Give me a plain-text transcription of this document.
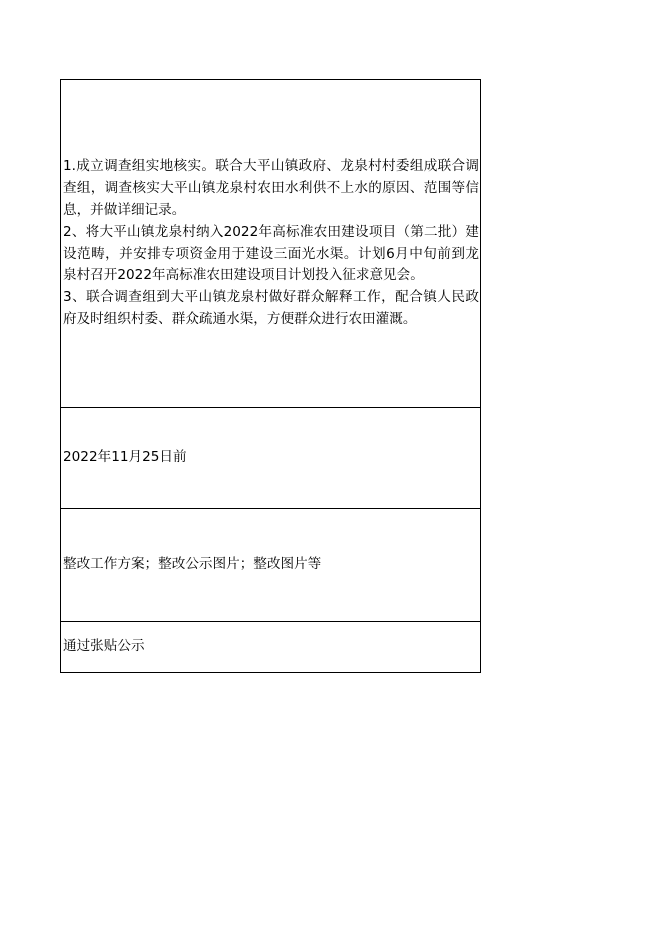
1.成立调查组实地核实。联合大平山镇政府、龙泉村村委组成联合调查组，调查核实大平山镇龙泉村农田水利供不上水的原因、范围等信息，并做详细记录。
2、将大平山镇龙泉村纳入2022年高标准农田建设项目（第二批）建设范畴，并安排专项资金用于建设三面光水渠。计划6月中旬前到龙泉村召开2022年高标准农田建设项目计划投入征求意见会。
3、联合调查组到大平山镇龙泉村做好群众解释工作，配合镇人民政府及时组织村委、群众疏通水渠，方便群众进行农田灌溉。

2022年11月25日前
整改工作方案；整改公示图片；整改图片等
通过张贴公示
